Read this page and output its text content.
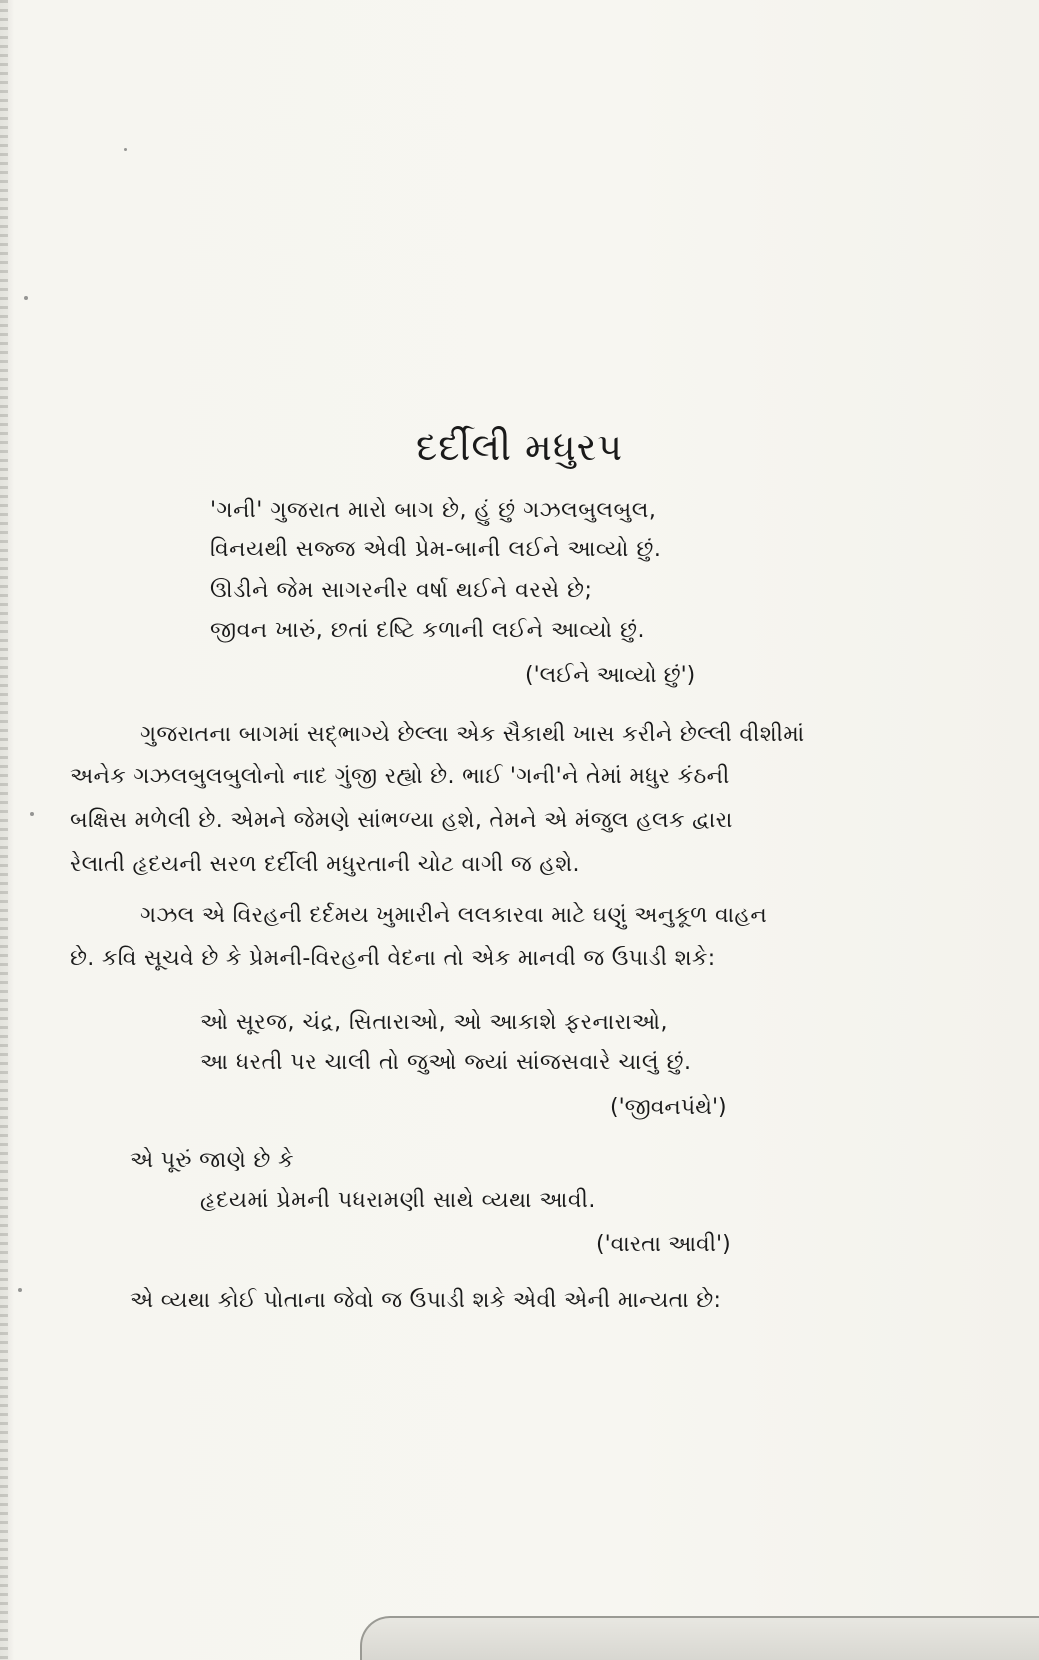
દર્દીલી મધુરપ
'ગની' ગુજરાત મારો બાગ છે, હું છું ગઝલબુલબુલ,
વિનયથી સજ્જ એવી પ્રેમ-બાની લઈને આવ્યો છું.
ઊડીને જેમ સાગરનીર વર્ષા થઈને વરસે છે;
જીવન ખારું, છતાં દષ્ટિ કળાની લઈને આવ્યો છું.
('લઈને આવ્યો છું')
ગુજરાતના બાગમાં સદ્‌ભાગ્યે છેલ્લા એક સૈકાથી ખાસ કરીને છેલ્લી વીશીમાં
અનેક ગઝલબુલબુલોનો નાદ ગુંજી રહ્યો છે. ભાઈ 'ગની'ને તેમાં મધુર કંઠની
બક્ષિસ મળેલી છે. એમને જેમણે સાંભળ્યા હશે, તેમને એ મંજુલ હલક દ્વારા
રેલાતી હૃદયની સરળ દર્દીલી મધુરતાની ચોટ વાગી જ હશે.
ગઝલ એ વિરહની દર્દમય ખુમારીને લલકારવા માટે ઘણું અનુકૂળ વાહન
છે. કવિ સૂચવે છે કે પ્રેમની-વિરહની વેદના તો એક માનવી જ ઉપાડી શકે:
ઓ સૂરજ, ચંદ્ર, સિતારાઓ, ઓ આકાશે ફરનારાઓ,
આ ધરતી પર ચાલી તો જુઓ જ્યાં સાંજસવારે ચાલું છું.
('જીવનપંથે')
એ પૂરું જાણે છે કે
હૃદયમાં પ્રેમની પધરામણી સાથે વ્યથા આવી.
('વારતા આવી')
એ વ્યથા કોઈ પોતાના જેવો જ ઉપાડી શકે એવી એની માન્યતા છે:
